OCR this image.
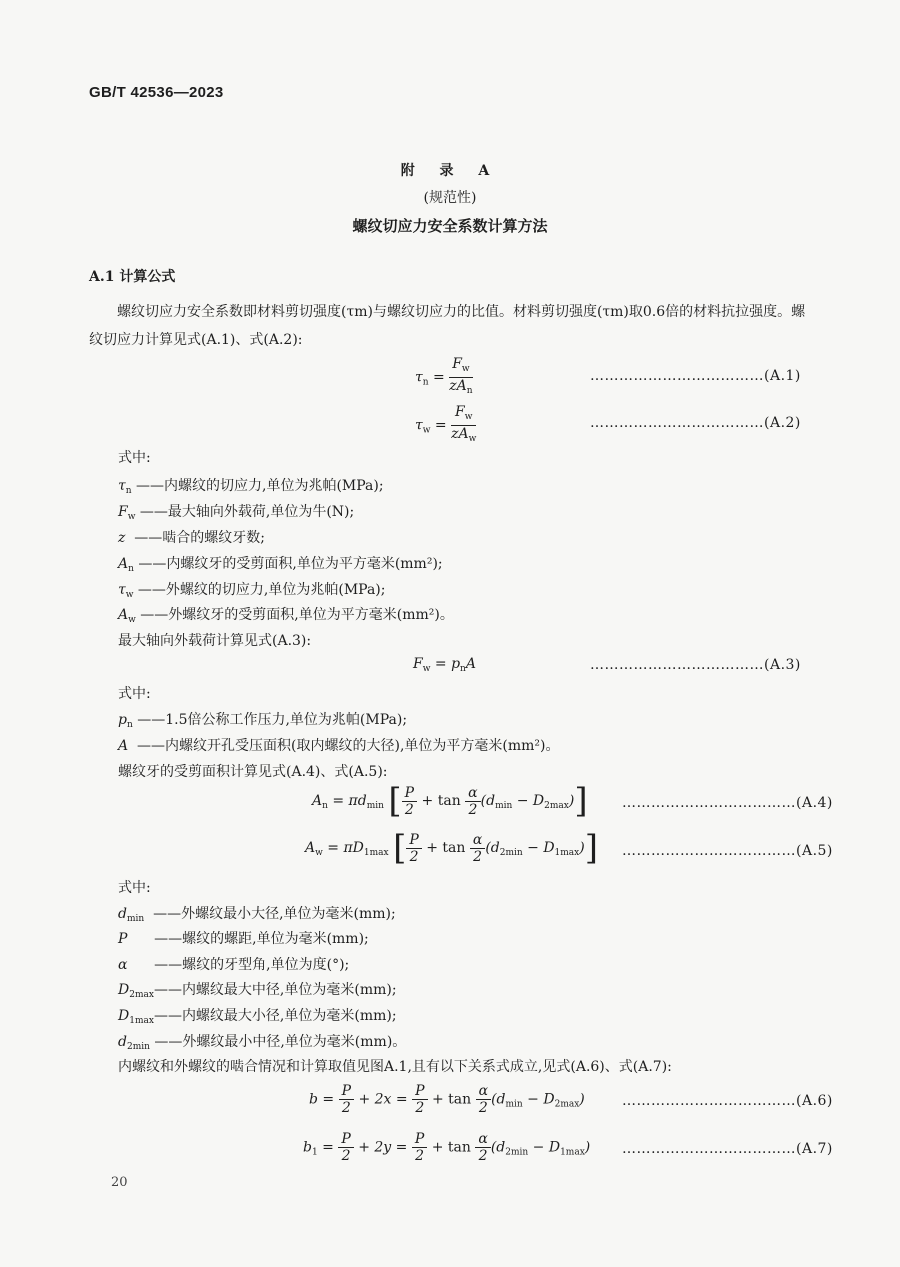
GB/T 42536—2023
附 录 A
(规范性)
螺纹切应力安全系数计算方法
A.1 计算公式
螺纹切应力安全系数即材料剪切强度(τm)与螺纹切应力的比值。材料剪切强度(τm)取0.6倍的材料抗拉强度。螺纹切应力计算见式(A.1)、式(A.2):
$\tau_n = \frac{F_w}{zA_n}$	………………………………(A.1)
$\tau_w = \frac{F_w}{zA_w}$	………………………………(A.2)
式中:
$\tau_n$ ——内螺纹的切应力,单位为兆帕(MPa);
$F_w$ ——最大轴向外载荷,单位为牛(N);
z ——啮合的螺纹牙数;
$A_n$ ——内螺纹牙的受剪面积,单位为平方毫米(mm²);
$\tau_w$ ——外螺纹的切应力,单位为兆帕(MPa);
$A_w$ ——外螺纹牙的受剪面积,单位为平方毫米(mm²)。
最大轴向外载荷计算见式(A.3):
$F_w = p_nA$	………………………………(A.3)
式中:
$p_n$ ——1.5倍公称工作压力,单位为兆帕(MPa);
A ——内螺纹开孔受压面积(取内螺纹的大径),单位为平方毫米(mm²)。
螺纹牙的受剪面积计算见式(A.4)、式(A.5):
$A_n = \pi d_{min}$ [ $\frac{P}{2} + \tan \frac{\alpha}{2} (d_{min} - D_{2max})$] ………………………………(A.4)
$A_w = \pi D_{1max}$ [ $\frac{P}{2} + \tan \frac{\alpha}{2} (d_{2min} - D_{1max})$] ………………………………(A.5)
式中:
$d_{min}$ ——外螺纹最小大径,单位为毫米(mm);
P ——螺纹的螺距,单位为毫米(mm);
α ——螺纹的牙型角,单位为度(°);
$D_{2max}——$内螺纹最大中径,单位为毫米(mm);
$D_{1max}——$内螺纹最大小径,单位为毫米(mm);
$d_{2min}$ ——外螺纹最小中径,单位为毫米(mm)。
内螺纹和外螺纹的啮合情况和计算取值见图A.1,且有以下关系式成立,见式(A.6)、式(A.7):
$b = \frac{P}{2} + 2x = \frac{P}{2} + \tan \frac{\alpha}{2} (d_{min} - D_{2max})$	………………………………(A.6)
$b_1 = \frac{P}{2} + 2y = \frac{P}{2} + \tan \frac{\alpha}{2} (d_{2min} - D_{1max})$ ………………………………(A.7)
20
